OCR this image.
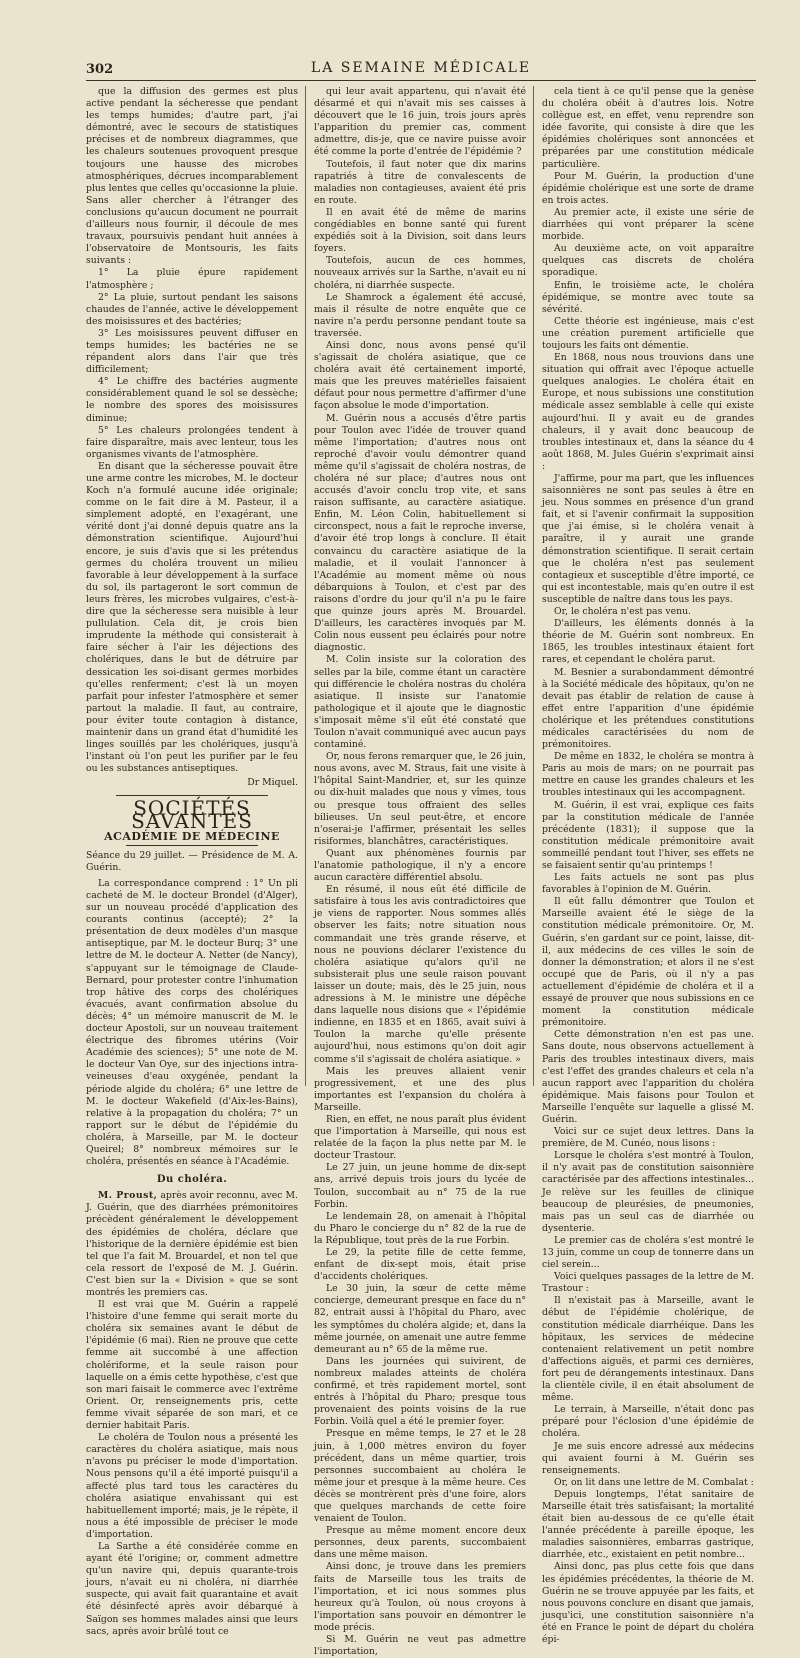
302	LA SEMAINE MÉDICALE

que la diffusion des germes est plus active pendant la sécheresse que pendant les temps humides; d'autre part, j'ai démontré, avec le secours de statistiques précises et de nombreux diagrammes, que les chaleurs soutenues provoquent presque toujours une hausse des microbes atmosphériques, décrues incomparablement plus lentes que celles qu'occasionne la pluie. Sans aller chercher à l'étranger des conclusions qu'aucun document ne pourrait d'ailleurs nous fournir, il découle de mes travaux, poursuivis pendant huit années à l'observatoire de Montsouris, les faits suivants :

1° La pluie épure rapidement l'atmosphère ;

2° La pluie, surtout pendant les saisons chaudes de l'année, active le développement des moisissures et des bactéries;

3° Les moisissures peuvent diffuser en temps humides; les bactéries ne se répandent alors dans l'air que très difficilement;

4° Le chiffre des bactéries augmente considérablement quand le sol se dessèche; le nombre des spores des moisissures diminue;

5° Les chaleurs prolongées tendent à faire disparaître, mais avec lenteur, tous les organismes vivants de l'atmosphère.

En disant que la sécheresse pouvait être une arme contre les microbes, M. le docteur Koch n'a formulé aucune idée originale; comme on le fait dire à M. Pasteur, il a simplement adopté, en l'exagérant, une vérité dont j'ai donné depuis quatre ans la démonstration scientifique. Aujourd'hui encore, je suis d'avis que si les prétendus germes du choléra trouvent un milieu favorable à leur développement à la surface du sol, ils partageront le sort commun de leurs frères, les microbes vulgaires, c'est-à-dire que la sécheresse sera nuisible à leur pullulation. Cela dit, je crois bien imprudente la méthode qui consisterait à faire sécher à l'air les déjections des cholériques, dans le but de détruire par dessication les soi-disant germes morbides qu'elles renferment; c'est là un moyen parfait pour infester l'atmosphère et semer partout la maladie. Il faut, au contraire, pour éviter toute contagion à distance, maintenir dans un grand état d'humidité les linges souillés par les cholériques, jusqu'à l'instant où l'on peut les purifier par le feu ou les substances antiseptiques.

Dr Miquel.
SOCIÉTÉS SAVANTES
ACADÉMIE DE MÉDECINE
Séance du 29 juillet. — Présidence de M. A. Guérin.

La correspondance comprend : 1° Un pli cacheté de M. le docteur Brondel (d'Alger), sur un nouveau procédé d'application des courants continus (accepté); 2° la présentation de deux modèles d'un masque antiseptique, par M. le docteur Burq; 3° une lettre de M. le docteur A. Netter (de Nancy), s'appuyant sur le témoignage de Claude-Bernard, pour protester contre l'inhumation trop hâtive des corps des cholériques évacués, avant confirmation absolue du décès; 4° un mémoire manuscrit de M. le docteur Apostoli, sur un nouveau traitement électrique des fibromes utérins (Voir Académie des sciences); 5° une note de M. le docteur Van Oye, sur des injections intra-veineuses d'eau oxygénée, pendant la période algide du choléra; 6° une lettre de M. le docteur Wakefield (d'Aix-les-Bains), relative à la propagation du choléra; 7° un rapport sur le début de l'épidémie du choléra, à Marseille, par M. le docteur Queirel; 8° nombreux mémoires sur le choléra, présentés en séance à l'Académie.

Du choléra.

M. Proust, après avoir reconnu, avec M. J. Guérin, que des diarrhées prémonitoires précèdent généralement le développement des épidémies de choléra, déclare que l'historique de la dernière épidémie est bien tel que l'a fait M. Brouardel, et non tel que cela ressort de l'exposé de M. J. Guérin. C'est bien sur la « Division » que se sont montrés les premiers cas.

Il est vrai que M. Guérin a rappelé l'histoire d'une femme qui serait morte du choléra six semaines avant le début de l'épidémie (6 mai). Rien ne prouve que cette femme ait succombé à une affection cholériforme, et la seule raison pour laquelle on a émis cette hypothèse, c'est que son mari faisait le commerce avec l'extrême Orient. Or, renseignements pris, cette femme vivait séparée de son mari, et ce dernier habitait Paris.

Le choléra de Toulon nous a présenté les caractères du choléra asiatique, mais nous n'avons pu préciser le mode d'importation. Nous pensons qu'il a été importé puisqu'il a affecté plus tard tous les caractères du choléra asiatique envahissant qui est habituellement importé; mais, je le répète, il nous a été impossible de préciser le mode d'importation.

La Sarthe a été considérée comme en ayant été l'origine; or, comment admettre qu'un navire qui, depuis quarante-trois jours, n'avait eu ni choléra, ni diarrhée suspecte, qui avait fait quarantaine et avait été désinfecté après avoir débarqué à Saïgon ses hommes malades ainsi que leurs sacs, après avoir brûlé tout ce

qui leur avait appartenu, qui n'avait été désarmé et qui n'avait mis ses caisses à découvert que le 16 juin, trois jours après l'apparition du premier cas, comment admettre, dis-je, que ce navire puisse avoir été comme la porte d'entrée de l'épidémie ?

Toutefois, il faut noter que dix marins rapatriés à titre de convalescents de maladies non contagieuses, avaient été pris en route.

Il en avait été de même de marins congédiables en bonne santé qui furent expédiés soit à la Division, soit dans leurs foyers.

Toutefois, aucun de ces hommes, nouveaux arrivés sur la Sarthe, n'avait eu ni choléra, ni diarrhée suspecte.

Le Shamrock a également été accusé, mais il résulte de notre enquête que ce navire n'a perdu personne pendant toute sa traversée.

Ainsi donc, nous avons pensé qu'il s'agissait de choléra asiatique, que ce choléra avait été certainement importé, mais que les preuves matérielles faisaient défaut pour nous permettre d'affirmer d'une façon absolue le mode d'importation.

M. Guérin nous a accusés d'être partis pour Toulon avec l'idée de trouver quand même l'importation; d'autres nous ont reproché d'avoir voulu démontrer quand même qu'il s'agissait de choléra nostras, de choléra né sur place; d'autres nous ont accusés d'avoir conclu trop vite, et sans raison suffisante, au caractère asiatique. Enfin, M. Léon Colin, habituellement si circonspect, nous a fait le reproche inverse, d'avoir été trop longs à conclure. Il était convaincu du caractère asiatique de la maladie, et il voulait l'annoncer à l'Académie au moment même où nous débarquions à Toulon, et c'est par des raisons d'ordre du jour qu'il n'a pu le faire que quinze jours après M. Brouardel. D'ailleurs, les caractères invoqués par M. Colin nous eussent peu éclairés pour notre diagnostic.

M. Colin insiste sur la coloration des selles par la bile, comme étant un caractère qui différencie le choléra nostras du choléra asiatique. Il insiste sur l'anatomie pathologique et il ajoute que le diagnostic s'imposait même s'il eût été constaté que Toulon n'avait communiqué avec aucun pays contaminé.

Or, nous ferons remarquer que, le 26 juin, nous avons, avec M. Straus, fait une visite à l'hôpital Saint-Mandrier, et, sur les quinze ou dix-huit malades que nous y vîmes, tous ou presque tous offraient des selles bilieuses. Un seul peut-être, et encore n'oserai-je l'affirmer, présentait les selles risiformes, blanchâtres, caractéristiques.

Quant aux phénomènes fournis par l'anatomie pathologique, il n'y a encore aucun caractère différentiel absolu.

En résumé, il nous eût été difficile de satisfaire à tous les avis contradictoires que je viens de rapporter. Nous sommes allés observer les faits; notre situation nous commandait une très grande réserve, et nous ne pouvions déclarer l'existence du choléra asiatique qu'alors qu'il ne subsisterait plus une seule raison pouvant laisser un doute; mais, dès le 25 juin, nous adressions à M. le ministre une dépêche dans laquelle nous disions que « l'épidémie indienne, en 1835 et en 1865, avait suivi à Toulon la marche qu'elle présente aujourd'hui, nous estimons qu'on doit agir comme s'il s'agissait de choléra asiatique. »

Mais les preuves allaient venir progressivement, et une des plus importantes est l'expansion du choléra à Marseille.

Rien, en effet, ne nous paraît plus évident que l'importation à Marseille, qui nous est relatée de la façon la plus nette par M. le docteur Trastour.

Le 27 juin, un jeune homme de dix-sept ans, arrivé depuis trois jours du lycée de Toulon, succombait au n° 75 de la rue Forbin.

Le lendemain 28, on amenait à l'hôpital du Pharo le concierge du n° 82 de la rue de la République, tout près de la rue Forbin.

Le 29, la petite fille de cette femme, enfant de dix-sept mois, était prise d'accidents cholériques.

Le 30 juin, la sœur de cette même concierge, demeurant presque en face du n° 82, entrait aussi à l'hôpital du Pharo, avec les symptômes du choléra algide; et, dans la même journée, on amenait une autre femme demeurant au n° 65 de la même rue.

Dans les journées qui suivirent, de nombreux malades atteints de choléra confirmé, et très rapidement mortel, sont entrés à l'hôpital du Pharo; presque tous provenaient des points voisins de la rue Forbin. Voilà quel a été le premier foyer.

Presque en même temps, le 27 et le 28 juin, à 1,000 mètres environ du foyer précédent, dans un même quartier, trois personnes succombaient au choléra le même jour et presque à la même heure. Ces décès se montrèrent près d'une foire, alors que quelques marchands de cette foire venaient de Toulon.

Presque au même moment encore deux personnes, deux parents, succombaient dans une même maison.

Ainsi donc, je trouve dans les premiers faits de Marseille tous les traits de l'importation, et ici nous sommes plus heureux qu'à Toulon, où nous croyons à l'importation sans pouvoir en démontrer le mode précis.

Si M. Guérin ne veut pas admettre l'importation,

cela tient à ce qu'il pense que la genèse du choléra obéit à d'autres lois. Notre collègue est, en effet, venu reprendre son idée favorite, qui consiste à dire que les épidémies cholériques sont annoncées et préparées par une constitution médicale particulière.

Pour M. Guérin, la production d'une épidémie cholérique est une sorte de drame en trois actes.

Au premier acte, il existe une série de diarrhées qui vont préparer la scène morbide.

Au deuxième acte, on voit apparaître quelques cas discrets de choléra sporadique.

Enfin, le troisième acte, le choléra épidémique, se montre avec toute sa sévérité.

Cette théorie est ingénieuse, mais c'est une création purement artificielle que toujours les faits ont démentie.

En 1868, nous nous trouvions dans une situation qui offrait avec l'époque actuelle quelques analogies. Le choléra était en Europe, et nous subissions une constitution médicale assez semblable à celle qui existe aujourd'hui. Il y avait eu de grandes chaleurs, il y avait donc beaucoup de troubles intestinaux et, dans la séance du 4 août 1868, M. Jules Guérin s'exprimait ainsi :

J'affirme, pour ma part, que les influences saisonnières ne sont pas seules à être en jeu. Nous sommes en présence d'un grand fait, et si l'avenir confirmait la supposition que j'ai émise, si le choléra venait à paraître, il y aurait une grande démonstration scientifique. Il serait certain que le choléra n'est pas seulement contagieux et susceptible d'être importé, ce qui est incontestable, mais qu'en outre il est susceptible de naître dans tous les pays.

Or, le choléra n'est pas venu.

D'ailleurs, les éléments donnés à la théorie de M. Guérin sont nombreux. En 1865, les troubles intestinaux étaient fort rares, et cependant le choléra parut.

M. Besnier a surabondamment démontré à la Société médicale des hôpitaux, qu'on ne devait pas établir de relation de cause à effet entre l'apparition d'une épidémie cholérique et les prétendues constitutions médicales caractérisées du nom de prémonitoires.

De même en 1832, le choléra se montra à Paris au mois de mars; on ne pourrait pas mettre en cause les grandes chaleurs et les troubles intestinaux qui les accompagnent.

M. Guérin, il est vrai, explique ces faits par la constitution médicale de l'année précédente (1831); il suppose que la constitution médicale prémonitoire avait sommeillé pendant tout l'hiver, ses effets ne se faisaient sentir qu'au printemps !

Les faits actuels ne sont pas plus favorables à l'opinion de M. Guérin.

Il eût fallu démontrer que Toulon et Marseille avaient été le siège de la constitution médicale prémonitoire. Or, M. Guérin, s'en gardant sur ce point, laisse, dit-il, aux médecins de ces villes le soin de donner la démonstration; et alors il ne s'est occupé que de Paris, où il n'y a pas actuellement d'épidémie de choléra et il a essayé de prouver que nous subissions en ce moment la constitution médicale prémonitoire.

Cette démonstration n'en est pas une. Sans doute, nous observons actuellement à Paris des troubles intestinaux divers, mais c'est l'effet des grandes chaleurs et cela n'a aucun rapport avec l'apparition du choléra épidémique. Mais faisons pour Toulon et Marseille l'enquête sur laquelle a glissé M. Guérin.

Voici sur ce sujet deux lettres. Dans la première, de M. Cunéo, nous lisons :

Lorsque le choléra s'est montré à Toulon, il n'y avait pas de constitution saisonnière caractérisée par des affections intestinales... Je relève sur les feuilles de clinique beaucoup de pleurésies, de pneumonies, mais pas un seul cas de diarrhée ou dysenterie.

Le premier cas de choléra s'est montré le 13 juin, comme un coup de tonnerre dans un ciel serein...

Voici quelques passages de la lettre de M. Trastour :

Il n'existait pas à Marseille, avant le début de l'épidémie cholérique, de constitution médicale diarrhéique. Dans les hôpitaux, les services de médecine contenaient relativement un petit nombre d'affections aiguës, et parmi ces dernières, fort peu de dérangements intestinaux. Dans la clientèle civile, il en était absolument de même.

Le terrain, à Marseille, n'était donc pas préparé pour l'éclosion d'une épidémie de choléra.

Je me suis encore adressé aux médecins qui avaient fourni à M. Guérin ses renseignements.

Or, on lit dans une lettre de M. Combalat :

Depuis longtemps, l'état sanitaire de Marseille était très satisfaisant; la mortalité était bien au-dessous de ce qu'elle était l'année précédente à pareille époque, les maladies saisonnières, embarras gastrique, diarrhée, etc., existaient en petit nombre...

Ainsi donc, pas plus cette fois que dans les épidémies précédentes, la théorie de M. Guérin ne se trouve appuyée par les faits, et nous pouvons conclure en disant que jamais, jusqu'ici, une constitution saisonnière n'a été en France le point de départ du choléra épi-
